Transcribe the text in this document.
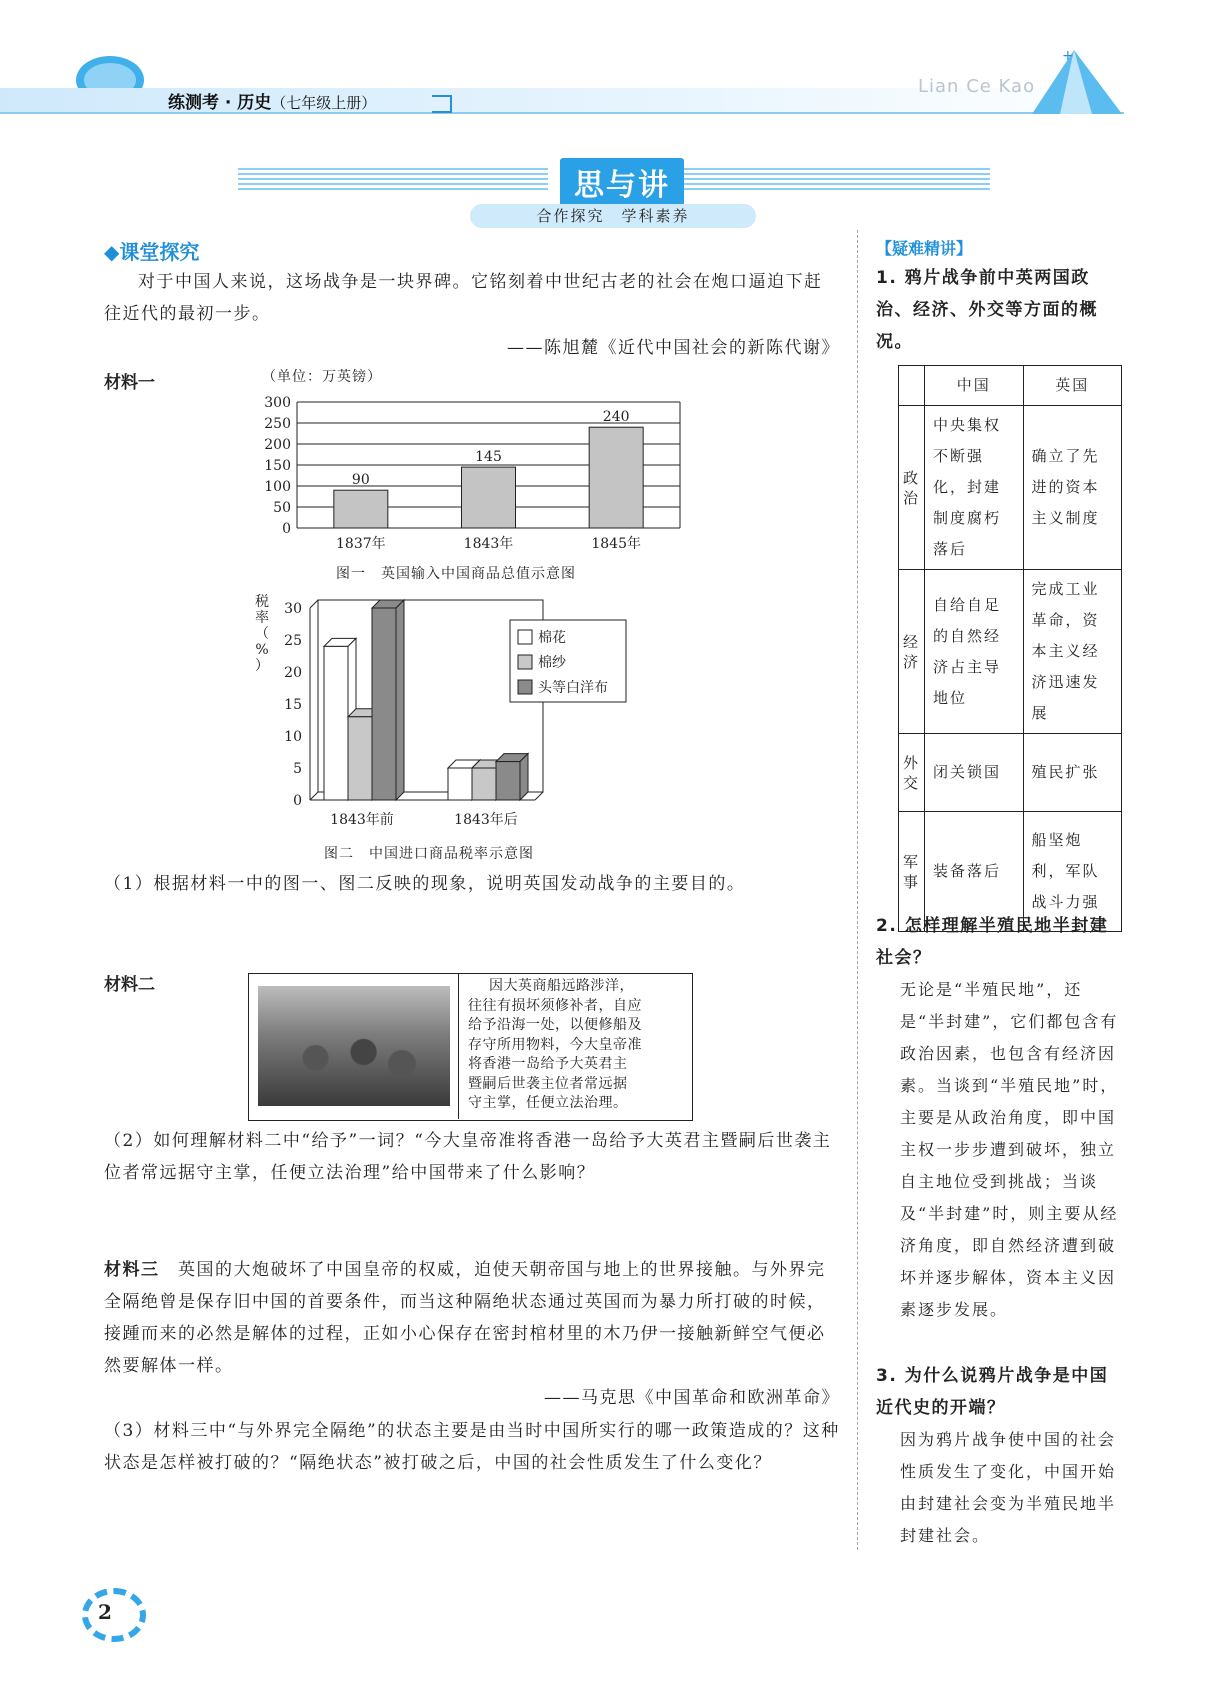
练测考 · 历史（七年级上册）
Lian Ce Kao
+
思与讲
合作探究　学科素养
◆课堂探究
对于中国人来说，这场战争是一块界碑。它铭刻着中世纪古老的社会在炮口逼迫下赶往近代的最初一步。
——陈旭麓《近代中国社会的新陈代谢》
材料一	（单位：万英镑）
0
50
100
150
200
250
300
90
1837年
145
1843年
240
1845年
图一　英国输入中国商品总值示意图
0
5
10
15
20
25
30
税
率
（
%
）
1843年前	1843年后
棉花
棉纱
头等白洋布
图二　中国进口商品税率示意图
（1）根据材料一中的图一、图二反映的现象，说明英国发动战争的主要目的。
材料二	因大英商船远路涉洋，
往往有损坏须修补者，自应
给予沿海一处，以便修船及
存守所用物料，今大皇帝准
将香港一岛给予大英君主
暨嗣后世袭主位者常远据
守主掌，任便立法治理。
（2）如何理解材料二中“给予”一词？“今大皇帝准将香港一岛给予大英君主暨嗣后世袭主位者常远据守主掌，任便立法治理”给中国带来了什么影响？
材料三　 英国的大炮破坏了中国皇帝的权威，迫使天朝帝国与地上的世界接触。与外界完全隔绝曾是保存旧中国的首要条件，而当这种隔绝状态通过英国而为暴力所打破的时候，接踵而来的必然是解体的过程，正如小心保存在密封棺材里的木乃伊一接触新鲜空气便必然要解体一样。
——马克思《中国革命和欧洲革命》
（3）材料三中“与外界完全隔绝”的状态主要是由当时中国所实行的哪一政策造成的？这种状态是怎样被打破的？“隔绝状态”被打破之后，中国的社会性质发生了什么变化？
【疑难精讲】
1. 鸦片战争前中英两国政治、经济、外交等方面的概况。
	中国	英国
政治	中央集权不断强化，封建制度腐朽落后	确立了先进的资本主义制度
经济	自给自足的自然经济占主导地位	完成工业革命，资本主义经济迅速发展
外交	闭关锁国	殖民扩张
军事	装备落后	船坚炮利，军队战斗力强
2. 怎样理解半殖民地半封建社会？
无论是“半殖民地”，还是“半封建”，它们都包含有政治因素，也包含有经济因素。当谈到“半殖民地”时，主要是从政治角度，即中国主权一步步遭到破坏，独立自主地位受到挑战；当谈及“半封建”时，则主要从经济角度，即自然经济遭到破坏并逐步解体，资本主义因素逐步发展。
3. 为什么说鸦片战争是中国近代史的开端？
因为鸦片战争使中国的社会性质发生了变化，中国开始由封建社会变为半殖民地半封建社会。
2
